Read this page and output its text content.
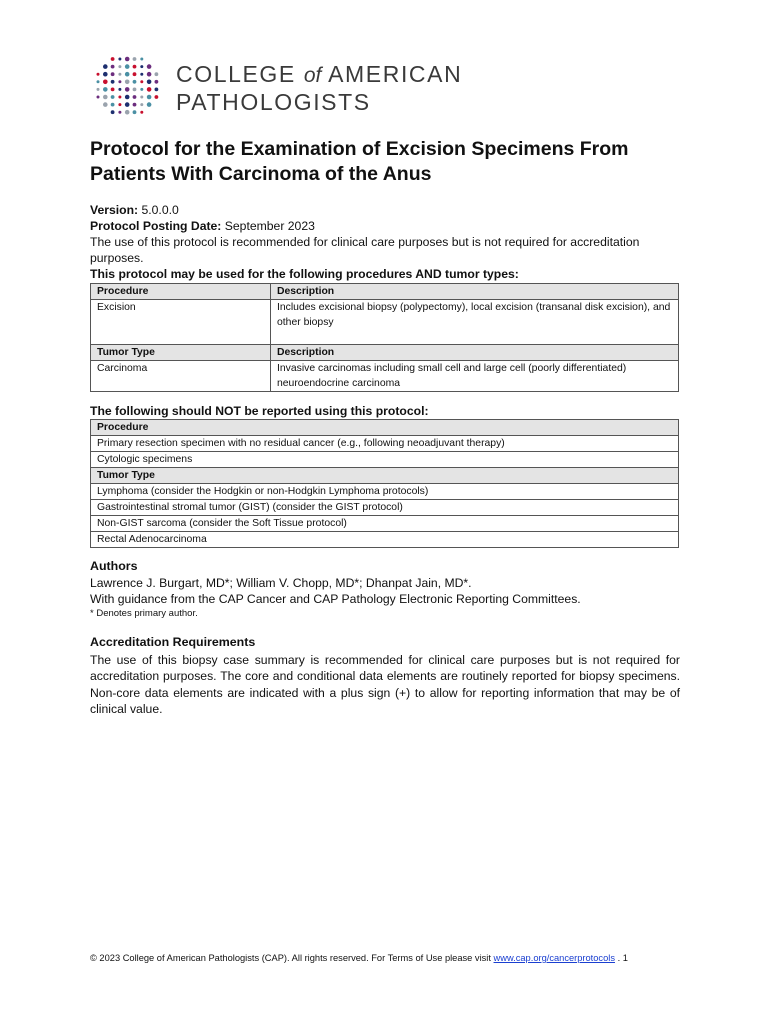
COLLEGE of AMERICAN
PATHOLOGISTS
Protocol for the Examination of Excision Specimens From Patients With Carcinoma of the Anus

Version: 5.0.0.0

Protocol Posting Date: September 2023

The use of this protocol is recommended for clinical care purposes but is not required for accreditation purposes.

This protocol may be used for the following procedures AND tumor types:

Procedure	Description
Excision	Includes excisional biopsy (polypectomy), local excision (transanal disk excision), and other biopsy
Tumor Type	Description
Carcinoma	Invasive carcinomas including small cell and large cell (poorly differentiated) neuroendocrine carcinoma
The following should NOT be reported using this protocol:
Procedure
Primary resection specimen with no residual cancer (e.g., following neoadjuvant therapy)
Cytologic specimens
Tumor Type
Lymphoma (consider the Hodgkin or non-Hodgkin Lymphoma protocols)
Gastrointestinal stromal tumor (GIST) (consider the GIST protocol)
Non-GIST sarcoma (consider the Soft Tissue protocol)
Rectal Adenocarcinoma
Authors

Lawrence J. Burgart, MD*; William V. Chopp, MD*; Dhanpat Jain, MD*.

With guidance from the CAP Cancer and CAP Pathology Electronic Reporting Committees.

* Denotes primary author.

Accreditation Requirements

The use of this biopsy case summary is recommended for clinical care purposes but is not required for accreditation purposes. The core and conditional data elements are routinely reported for biopsy specimens. Non-core data elements are indicated with a plus sign (+) to allow for reporting information that may be of clinical value.

© 2023 College of American Pathologists (CAP). All rights reserved. For Terms of Use please visit www.cap.org/cancerprotocols . 1
